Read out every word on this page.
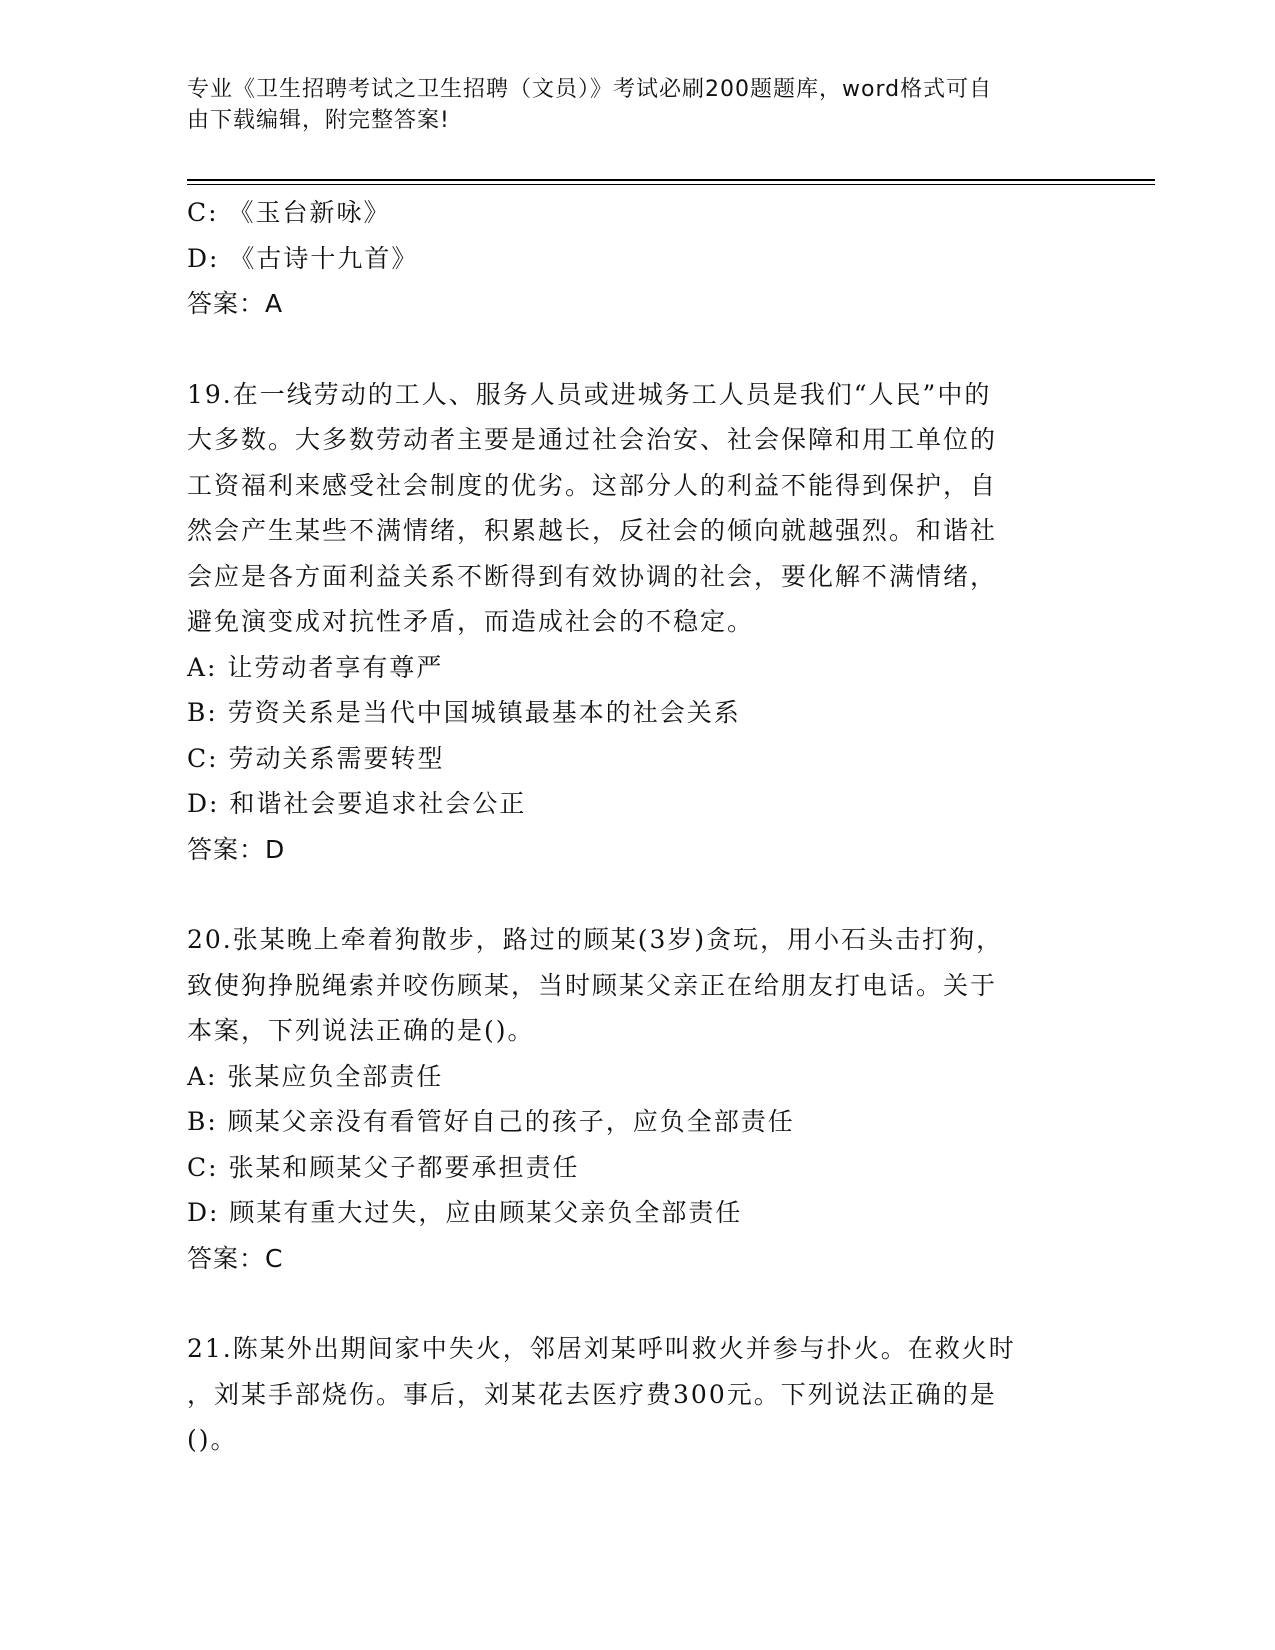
专业《卫生招聘考试之卫生招聘（文员）》考试必刷200题题库，word格式可自
由下载编辑，附完整答案!
C: 《玉台新咏》
D: 《古诗十九首》
答案：A
19.在一线劳动的工人、服务人员或进城务工人员是我们“人民”中的
大多数。大多数劳动者主要是通过社会治安、社会保障和用工单位的
工资福利来感受社会制度的优劣。这部分人的利益不能得到保护，自
然会产生某些不满情绪，积累越长，反社会的倾向就越强烈。和谐社
会应是各方面利益关系不断得到有效协调的社会，要化解不满情绪，
避免演变成对抗性矛盾，而造成社会的不稳定。
A: 让劳动者享有尊严
B: 劳资关系是当代中国城镇最基本的社会关系
C: 劳动关系需要转型
D: 和谐社会要追求社会公正
答案：D
20.张某晚上牵着狗散步，路过的顾某(3岁)贪玩，用小石头击打狗，
致使狗挣脱绳索并咬伤顾某，当时顾某父亲正在给朋友打电话。关于
本案，下列说法正确的是()。
A: 张某应负全部责任
B: 顾某父亲没有看管好自己的孩子，应负全部责任
C: 张某和顾某父子都要承担责任
D: 顾某有重大过失，应由顾某父亲负全部责任
答案：C
21.陈某外出期间家中失火，邻居刘某呼叫救火并参与扑火。在救火时
，刘某手部烧伤。事后，刘某花去医疗费300元。下列说法正确的是
()。
